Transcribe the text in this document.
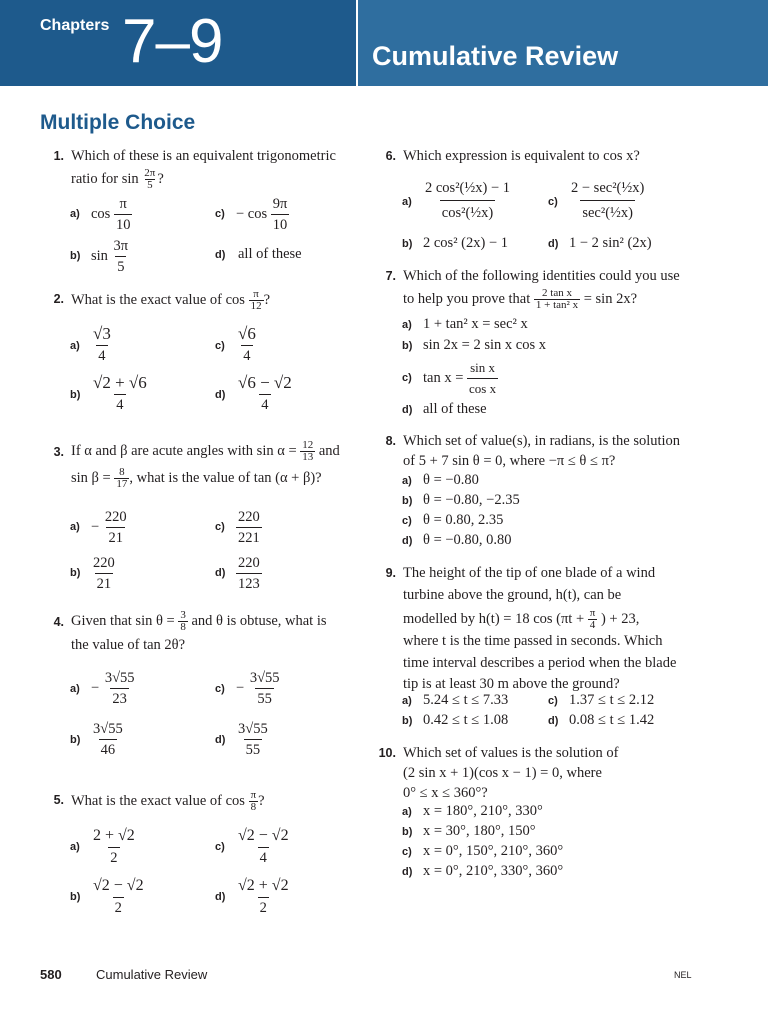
Chapters 7–9	Cumulative Review
Multiple Choice
1. Which of these is an equivalent trigonometric
ratio for $\sin \frac{2\pi}{5}$ ?
a) $\cos \frac{\pi}{10}$	$c) - \cos \frac{9\pi}{10}$
b) $\sin \frac{3\pi}{5}$	d) all of these
2. What is the exact value of $\cos \frac{\pi}{12}$ ?
$a) \frac{√3}{4}$	$c) \frac{√6}{4}$
$b) \frac{√2 + √6}{4}$	$d) \frac{√6 - √2}{4}$
3. If α and β are acute angles with $\sin \alpha = \frac{12}{13}$ and
$\sin \beta = \frac{8}{17}$ , what is the value of tan (α + β)?
$a) - \frac{220}{21}$	$c) \frac{220}{221}$
$b) \frac{220}{21}$	$d) \frac{220}{123}$
4. Given that $\sin \theta = \frac{3}{8}$ and θ is obtuse, what is
the value of tan 2θ?
$a) - \frac{3√55}{23}$	$c) - \frac{3√55}{55}$
$b) \frac{3√55}{46}$	$d) \frac{3√55}{55}$
5. What is the exact value of $\cos \frac{\pi}{8}$ ?
$a) \frac{2 + √2}{2}$	$c) \frac{√2 - √2}{4}$
$b) \frac{√2 - √2}{2}$	$d) \frac{√2 + √2}{2}$
6. Which expression is equivalent to cos x?
$a) \frac{\text{2 cos²(½x) − 1}}{\text{cos²(½x)}}$	$c) \frac{\text{2 − sec²(½x)}}{\text{sec²(½x)}}$
b) 2 cos² (2x) − 1	d) 1 − 2 sin² (2x)
7. Which of the following identities could you use
to help you prove that $\frac{\text{2 tan x}}{\text{1 + tan² x}} = \sin 2x$?
a) 1 + tan² x = sec² x
b) sin 2x = 2 sin x cos x
c) $\tan x = \frac{\text{sin x}}{\text{cos x}}$
d) all of these
8. Which set of value(s), in radians, is the solution
of 5 + 7 sin θ = 0, where −π ≤ θ ≤ π?
a) θ = −0.80
b) θ = −0.80, −2.35
c) θ = 0.80, 2.35
d) θ = −0.80, 0.80
9. The height of the tip of one blade of a wind
turbine above the ground, h(t), can be
modelled by h(t) = 18 $\cos (\pi t + \frac{\pi}{4}$ ) + 23,
where t is the time passed in seconds. Which
time interval describes a period when the blade
tip is at least 30 m above the ground?
a) 5.24 ≤ t ≤ 7.33	c) 1.37 ≤ t ≤ 2.12
b) 0.42 ≤ t ≤ 1.08	d) 0.08 ≤ t ≤ 1.42
10. Which set of values is the solution of
(2 sin x + 1)(cos x − 1) = 0, where
0° ≤ x ≤ 360°?
a) x = 180°, 210°, 330°
b) x = 30°, 180°, 150°
c) x = 0°, 150°, 210°, 360°
d) x = 0°, 210°, 330°, 360°
580	Cumulative Review	NEL
